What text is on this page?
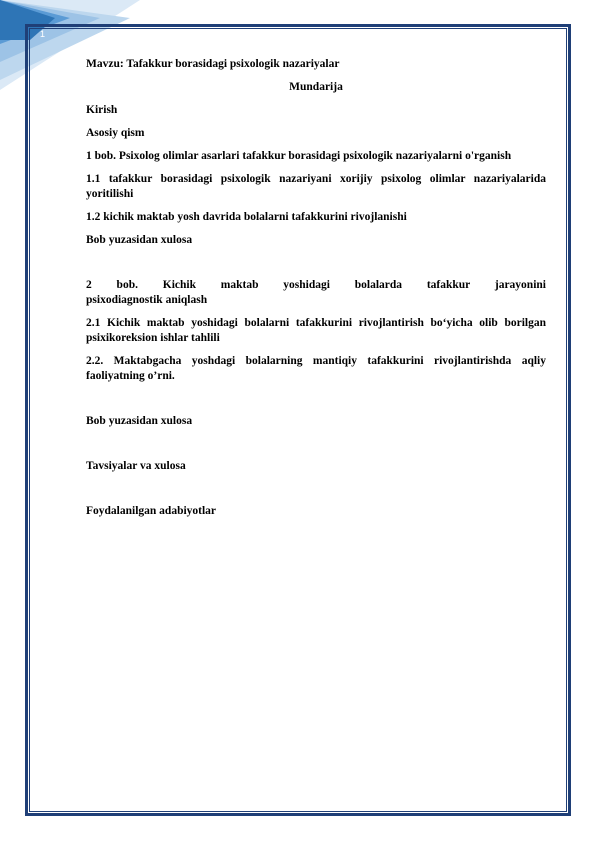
1

Mavzu: Tafakkur borasidagi psixologik nazariyalar

Mundarija

Kirish

Asosiy qism

1 bob. Psixolog olimlar asarlari tafakkur borasidagi psixologik nazariyalarni o'rganish

1.1 tafakkur borasidagi psixologik nazariyani xorijiy psixolog olimlar nazariyalarida yoritilishi

1.2 kichik maktab yosh davrida bolalarni tafakkurini rivojlanishi

Bob yuzasidan xulosa

2 bob. Kichik maktab yoshidagi bolalarda tafakkur jarayonini

psixodiagnostik aniqlash

2.1 Kichik maktab yoshidagi bolalarni tafakkurini rivojlantirish bo‘yicha olib borilgan psixikoreksion ishlar tahlili

2.2. Maktabgacha yoshdagi bolalarning mantiqiy tafakkurini rivojlantirishda aqliy faoliyatning o’rni.

Bob yuzasidan xulosa

Tavsiyalar va xulosa

Foydalanilgan adabiyotlar
